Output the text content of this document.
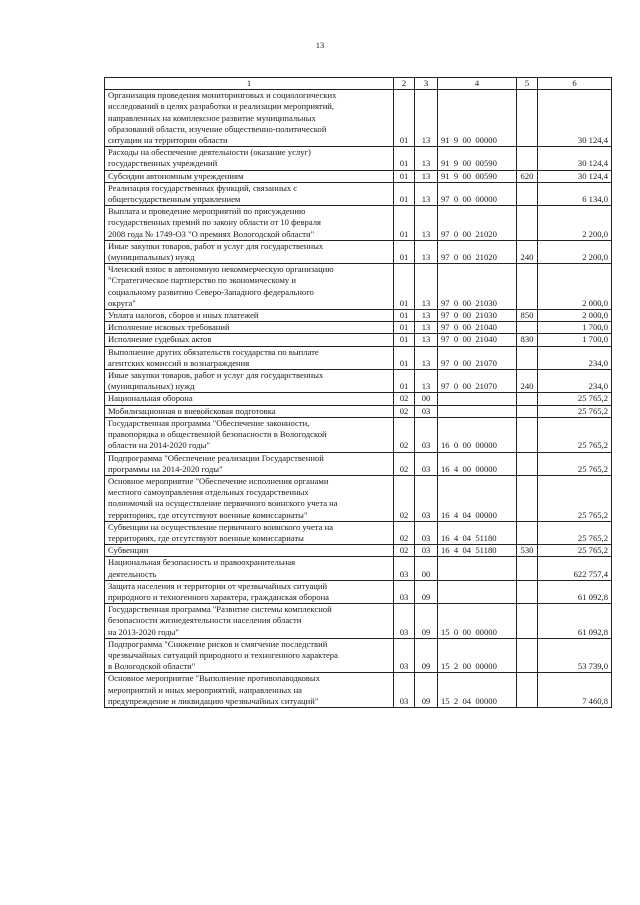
13
1	2	3	4	5	6
Организация проведения мониторинговых и социологических
исследований в целях разработки и реализации мероприятий,
направленных на комплексное развитие муниципальных
образований области, изучение общественно-политической
ситуации на территории области	01	13	91  9  00  00000		30 124,4
Расходы на обеспечение деятельности (оказание услуг)
государственных учреждений	01	13	91  9  00  00590		30 124,4
Субсидии автономным учреждениям	01	13	91  9  00  00590	620	30 124,4
Реализация государственных функций, связанных с
общегосударственным управлением	01	13	97  0  00  00000		6 134,0
Выплата и проведение мероприятий по присуждению
государственных премий по закону области от 10 февраля
2008 года № 1749-ОЗ "О премиях Вологодской области"	01	13	97  0  00  21020		2 200,0
Иные закупки товаров, работ и услуг для государственных
(муниципальных) нужд	01	13	97  0  00  21020	240	2 200,0
Членский взнос в автономную некоммерческую организацию
"Стратегическое партнерство по экономическому и
социальному развитию Северо-Западного федерального
округа"	01	13	97  0  00  21030		2 000,0
Уплата налогов, сборов и иных платежей	01	13	97  0  00  21030	850	2 000,0
Исполнение исковых требований	01	13	97  0  00  21040		1 700,0
Исполнение судебных актов	01	13	97  0  00  21040	830	1 700,0
Выполнение других обязательств государства по выплате
агентских комиссий и вознаграждения	01	13	97  0  00  21070		234,0
Иные закупки товаров, работ и услуг для государственных
(муниципальных) нужд	01	13	97  0  00  21070	240	234,0
Национальная оборона	02	00			25 765,2
Мобилизационная и вневойсковая подготовка	02	03			25 765,2
Государственная программа "Обеспечение законности,
правопорядка и общественной безопасности в Вологодской
области на 2014-2020 годы"	02	03	16  0  00  00000		25 765,2
Подпрограмма "Обеспечение реализации Государственной
программы на 2014-2020 годы"	02	03	16  4  00  00000		25 765,2
Основное мероприятие "Обеспечение исполнения органами
местного самоуправления отдельных государственных
полномочий на осуществление первичного воинского учета на
территориях, где отсутствуют военные комиссариаты"	02	03	16  4  04  00000		25 765,2
Субвенции на осуществление первичного воинского учета на
территориях, где отсутствуют военные комиссариаты	02	03	16  4  04  51180		25 765,2
Субвенции	02	03	16  4  04  51180	530	25 765,2
Национальная безопасность и правоохранительная
деятельность	03	00			622 757,4
Защита населения и территории от чрезвычайных ситуаций
природного и техногенного характера, гражданская оборона	03	09			61 092,8
Государственная программа "Развитие системы комплексной
безопасности жизнедеятельности населения области
на 2013-2020 годы"	03	09	15  0  00  00000		61 092,8
Подпрограмма "Снижение рисков и смягчение последствий
чрезвычайных ситуаций природного и техногенного характера
в Вологодской области"	03	09	15  2  00  00000		53 739,0
Основное мероприятие "Выполнение противопаводковых
мероприятий и иных мероприятий, направленных на
предупреждение и ликвидацию чрезвычайных ситуаций"	03	09	15  2  04  00000		7 460,8
